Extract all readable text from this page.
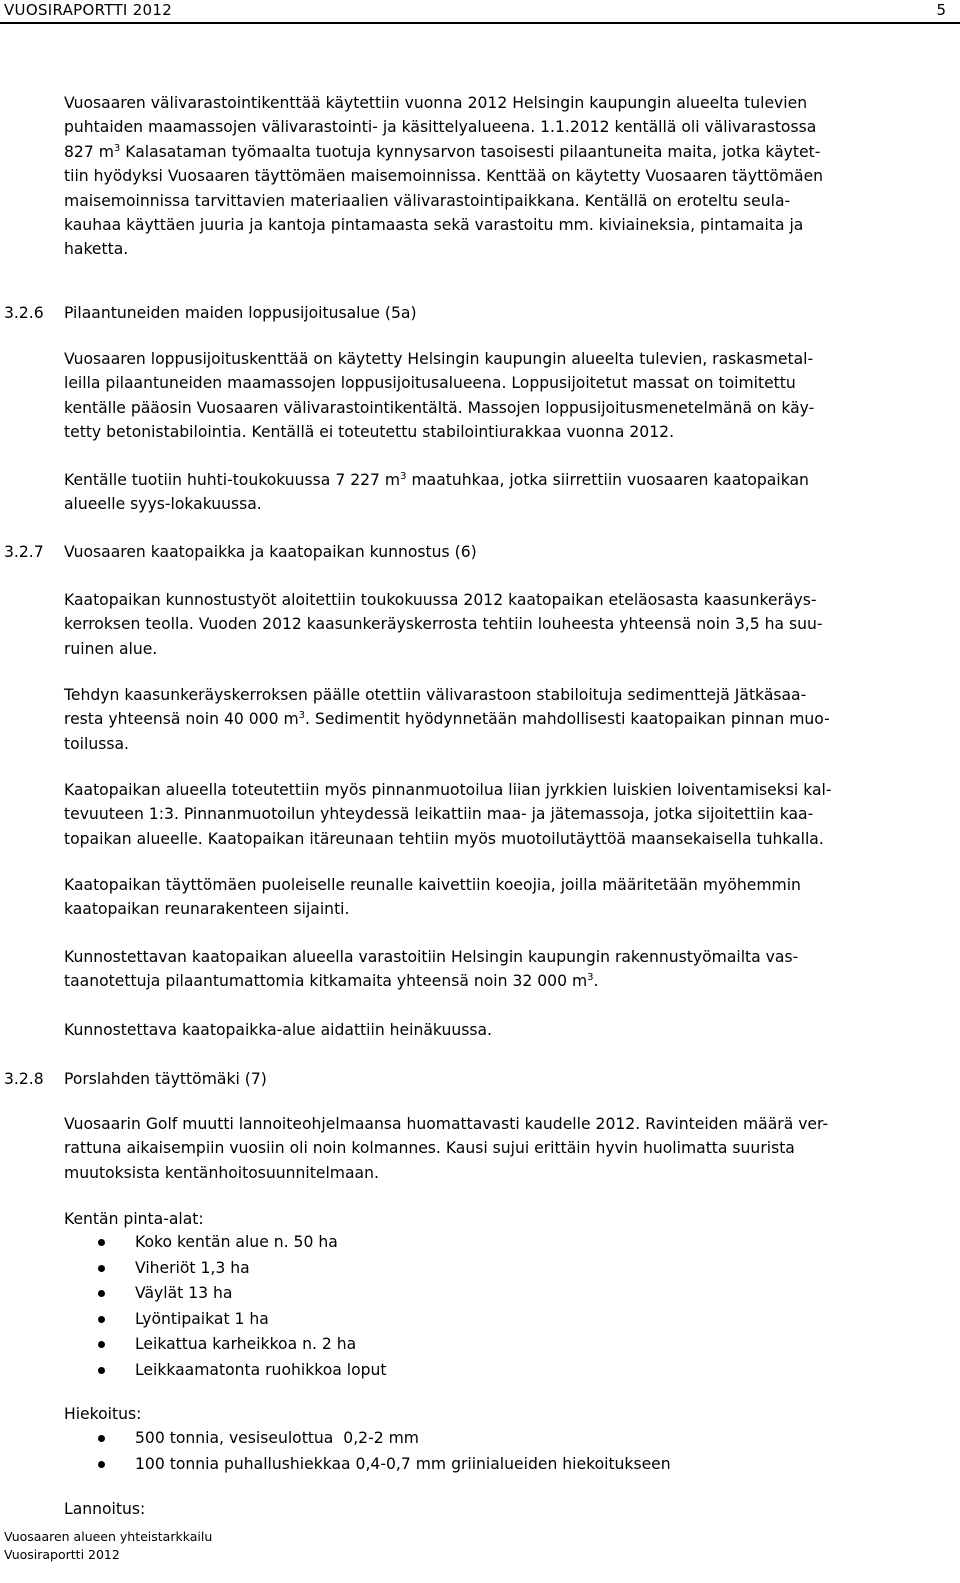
VUOSIRAPORTTI 2012	5
Vuosaaren välivarastointikenttää käytettiin vuonna 2012 Helsingin kaupungin alueelta tulevien
puhtaiden maamassojen välivarastointi- ja käsittelyalueena. 1.1.2012 kentällä oli välivarastossa
827 $m^3$ Kalasataman työmaalta tuotuja kynnysarvon tasoisesti pilaantuneita maita, jotka käytet-
tiin hyödyksi Vuosaaren täyttömäen maisemoinnissa. Kenttää on käytetty Vuosaaren täyttömäen
maisemoinnissa tarvittavien materiaalien välivarastointipaikkana. Kentällä on eroteltu seula-
kauhaa käyttäen juuria ja kantoja pintamaasta sekä varastoitu mm. kiviaineksia, pintamaita ja
haketta.
3.2.6 Pilaantuneiden maiden loppusijoitusalue (5a)
Vuosaaren loppusijoituskenttää on käytetty Helsingin kaupungin alueelta tulevien, raskasmetal-
leilla pilaantuneiden maamassojen loppusijoitusalueena. Loppusijoitetut massat on toimitettu
kentälle pääosin Vuosaaren välivarastointikentältä. Massojen loppusijoitusmenetelmänä on käy-
tetty betonistabilointia. Kentällä ei toteutettu stabilointiurakkaa vuonna 2012.
Kentälle tuotiin huhti-toukokuussa 7 227 $m^3$ maatuhkaa, jotka siirrettiin vuosaaren kaatopaikan
alueelle syys-lokakuussa.
3.2.7 Vuosaaren kaatopaikka ja kaatopaikan kunnostus (6)
Kaatopaikan kunnostustyöt aloitettiin toukokuussa 2012 kaatopaikan eteläosasta kaasunkeräys-
kerroksen teolla. Vuoden 2012 kaasunkeräyskerrosta tehtiin louheesta yhteensä noin 3,5 ha suu-
ruinen alue.
Tehdyn kaasunkeräyskerroksen päälle otettiin välivarastoon stabiloituja sedimenttejä Jätkäsaa-
resta yhteensä noin 40 000 $m^3$. Sedimentit hyödynnetään mahdollisesti kaatopaikan pinnan muo-
toilussa.
Kaatopaikan alueella toteutettiin myös pinnanmuotoilua liian jyrkkien luiskien loiventamiseksi kal-
tevuuteen 1:3. Pinnanmuotoilun yhteydessä leikattiin maa- ja jätemassoja, jotka sijoitettiin kaa-
topaikan alueelle. Kaatopaikan itäreunaan tehtiin myös muotoilutäyttöä maansekaisella tuhkalla.
Kaatopaikan täyttömäen puoleiselle reunalle kaivettiin koeojia, joilla määritetään myöhemmin
kaatopaikan reunarakenteen sijainti.
Kunnostettavan kaatopaikan alueella varastoitiin Helsingin kaupungin rakennustyömailta vas-
taanotettuja pilaantumattomia kitkamaita yhteensä noin 32 000 $m^3$.
Kunnostettava kaatopaikka-alue aidattiin heinäkuussa.
3.2.8 Porslahden täyttömäki (7)
Vuosaarin Golf muutti lannoiteohjelmaansa huomattavasti kaudelle 2012. Ravinteiden määrä ver-
rattuna aikaisempiin vuosiin oli noin kolmannes. Kausi sujui erittäin hyvin huolimatta suurista
muutoksista kentänhoitosuunnitelmaan.
Kentän pinta-alat:
Koko kentän alue n. 50 ha
Viheriöt 1,3 ha
Väylät 13 ha
Lyöntipaikat 1 ha
Leikattua karheikkoa n. 2 ha
Leikkaamatonta ruohikkoa loput
Hiekoitus:
500 tonnia, vesiseulottua  0,2-2 mm
100 tonnia puhallushiekkaa 0,4-0,7 mm griinialueiden hiekoitukseen
Lannoitus:
Vuosaaren alueen yhteistarkkailu
Vuosiraportti 2012
